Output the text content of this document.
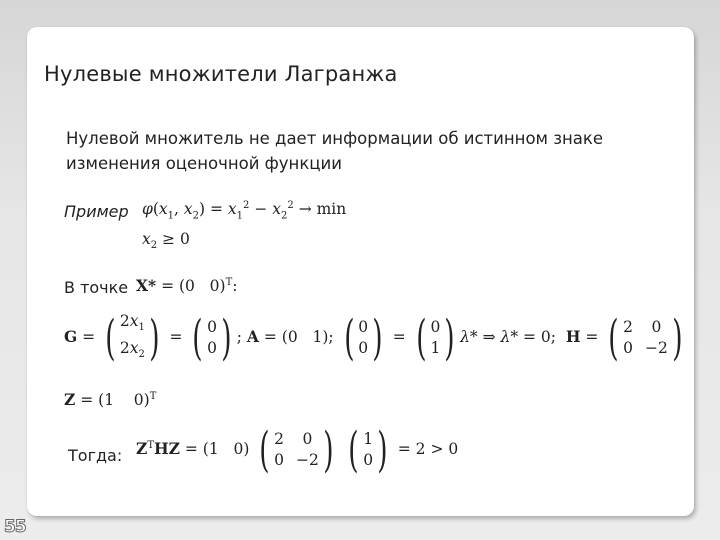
Нулевые множители Лагранжа
Нулевой множитель не дает информации об истинном знаке изменения оценочной функции
Пример $\varphi(x_1$, $x_2) = x_1^2 - x_2^2 \to \min$
$x_2 \ge 0$
В точке X* = (0   0)$^T$:
G = ( $2x_1$
$2x_2$ ) = ( 0
0 ) ; A = (0   1); ( 0
0 ) = ( 0
1 ) λ* ⇒ λ* = 0;  H = ( 2	0
0 −2 )
Z = (1    0)$^T$
Тогда: $Z^THZ = (1$   0) ( 2	0
0 −2 )
( 1
0 ) = 2 > 0
55
